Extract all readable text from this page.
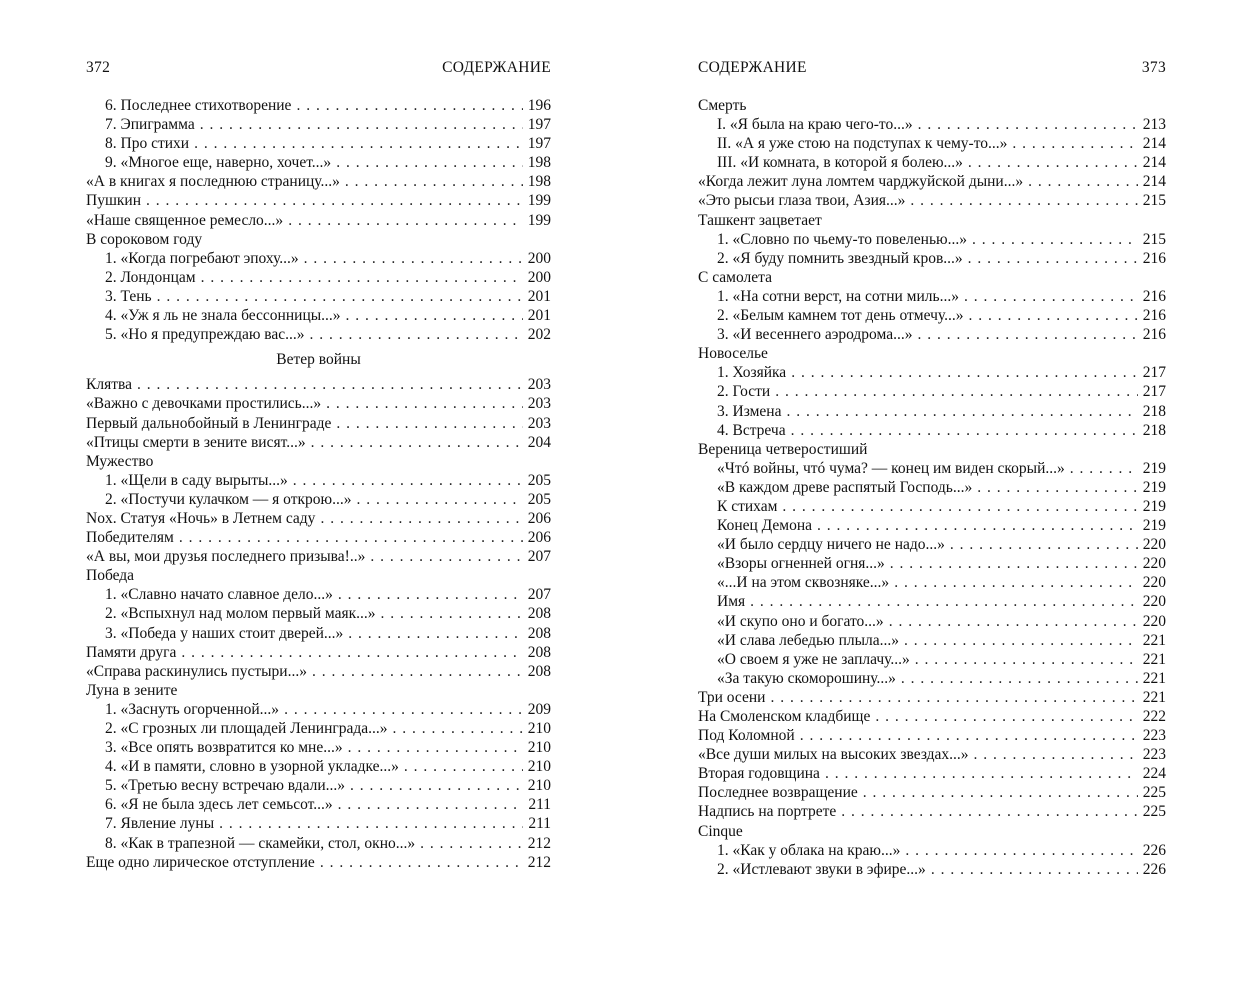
372	СОДЕРЖАНИЕ
6. Последнее стихотворение . . .	196
7. Эпиграмма . . .	197
8. Про стихи . . .	197
9. «Многое еще, наверно, хочет...» . . .	198
«А в книгах я последнюю страницу...» . . .	198
Пушкин . . .	199
«Наше священное ремесло...» . . .	199
В сороковом году
1. «Когда погребают эпоху...» . . .	200
2. Лондонцам . . .	200
3. Тень . . .	201
4. «Уж я ль не знала бессонницы...» . . .	201
5. «Но я предупреждаю вас...» . . .	202
Ветер войны
Клятва . . .	203
«Важно с девочками простились...» . . .	203
Первый дальнобойный в Ленинграде . . .	203
«Птицы смерти в зените висят...» . . .	204
Мужество
1. «Щели в саду вырыты...» . . .	205
2. «Постучи кулачком — я открою...» . . .	205
Nox. Статуя «Ночь» в Летнем саду . . .	206
Победителям . . .	206
«А вы, мои друзья последнего призыва!..» . . .	207
Победа
1. «Славно начато славное дело...» . . .	207
2. «Вспыхнул над молом первый маяк...» . . .	208
3. «Победа у наших стоит дверей...» . . .	208
Памяти друга . . .	208
«Справа раскинулись пустыри...» . . .	208
Луна в зените
1. «Заснуть огорченной...» . . .	209
2. «С грозных ли площадей Ленинграда...» . . .	210
3. «Все опять возвратится ко мне...» . . .	210
4. «И в памяти, словно в узорной укладке...» . . .	210
5. «Третью весну встречаю вдали...» . . .	210
6. «Я не была здесь лет семьсот...» . . .	211
7. Явление луны . . .	211
8. «Как в трапезной — скамейки, стол, окно...» . . .	212
Еще одно лирическое отступление . . .	212
СОДЕРЖАНИЕ	373
Смерть
I. «Я была на краю чего-то...» . . .	213
II. «А я уже стою на подступах к чему-то...» . . .	214
III. «И комната, в которой я болею...» . . .	214
«Когда лежит луна ломтем чарджуйской дыни...» . . .	214
«Это рысьи глаза твои, Азия...» . . .	215
Ташкент зацветает
1. «Словно по чьему-то повеленью...» . . .	215
2. «Я буду помнить звездный кров...» . . .	216
С самолета
1. «На сотни верст, на сотни миль...» . . .	216
2. «Белым камнем тот день отмечу...» . . .	216
3. «И весеннего аэродрома...» . . .	216
Новоселье
1. Хозяйка . . .	217
2. Гости . . .	217
3. Измена . . .	218
4. Встреча . . .	218
Вереница четверостиший
«Чтó войны, чтó чума? — конец им виден скорый...» . . .	219
«В каждом древе распятый Господь...» . . .	219
К стихам . . .	219
Конец Демона . . .	219
«И было сердцу ничего не надо...» . . .	220
«Взоры огненней огня...» . . .	220
«...И на этом сквозняке...» . . .	220
Имя . . .	220
«И скупо оно и богато...» . . .	220
«И слава лебедью плыла...» . . .	221
«О своем я уже не заплачу...» . . .	221
«За такую скоморошину...» . . .	221
Три осени . . .	221
На Смоленском кладбище . . .	222
Под Коломной . . .	223
«Все души милых на высоких звездах...» . . .	223
Вторая годовщина . . .	224
Последнее возвращение . . .	225
Надпись на портрете . . .	225
Cinque
1. «Как у облака на краю...» . . .	226
2. «Истлевают звуки в эфире...» . . .	226
